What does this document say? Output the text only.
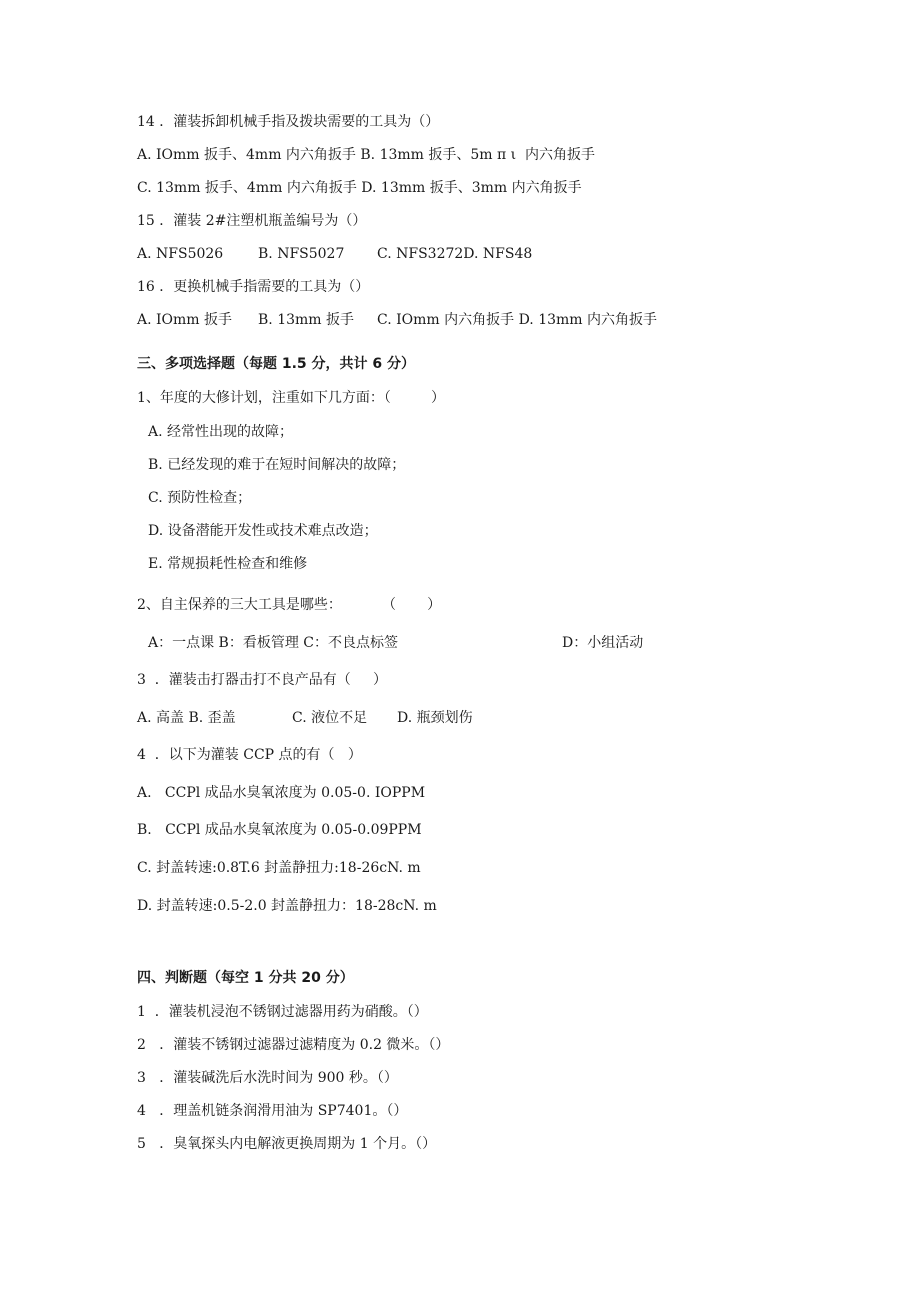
14 ．灌装拆卸机械手指及拨块需要的工具为（）
A. IOmm 扳手、4mm 内六角扳手 B. 13mm 扳手、5m π ι  内六角扳手
C. 13mm 扳手、4mm 内六角扳手 D. 13mm 扳手、3mm 内六角扳手
15 ．灌装 2#注塑机瓶盖编号为（）
A. NFS5026 B. NFS5027 C. NFS3272D. NFS48
16 ．更换机械手指需要的工具为（）
A. IOmm 扳手 B. 13mm 扳手 C. IOmm 内六角扳手 D. 13mm 内六角扳手
三、多项选择题（每题 1.5 分，共计 6 分）
1、年度的大修计划，注重如下几方面：（         ）
A. 经常性出现的故障；
B. 已经发现的难于在短时间解决的故障；
C. 预防性检查；
D. 设备潜能开发性或技术难点改造；
E. 常规损耗性检查和维修
2、自主保养的三大工具是哪些：         （       ）
A：一点课 B：看板管理 C：不良点标签	D：小组活动
3  ．灌装击打器击打不良产品有（     ）
A. 高盖 B. 歪盖	C. 液位不足 D. 瓶颈划伤
4  ．以下为灌装 CCP 点的有（   ）
A.   CCPl 成品水臭氧浓度为 0.05-0. IOPPM
B.   CCPl 成品水臭氧浓度为 0.05-0.09PPM
C. 封盖转速:0.8T.6 封盖静扭力:18-26cN. m
D. 封盖转速:0.5-2.0 封盖静扭力：18-28cN. m
四、判断题（每空 1 分共 20 分）
1  ．灌装机浸泡不锈钢过滤器用药为硝酸。（）
2   ．灌装不锈钢过滤器过滤精度为 0.2 微米。（）
3   ．灌装碱洗后水洗时间为 900 秒。（）
4   ．理盖机链条润滑用油为 SP7401。（）
5   ．臭氧探头内电解液更换周期为 1 个月。（）
